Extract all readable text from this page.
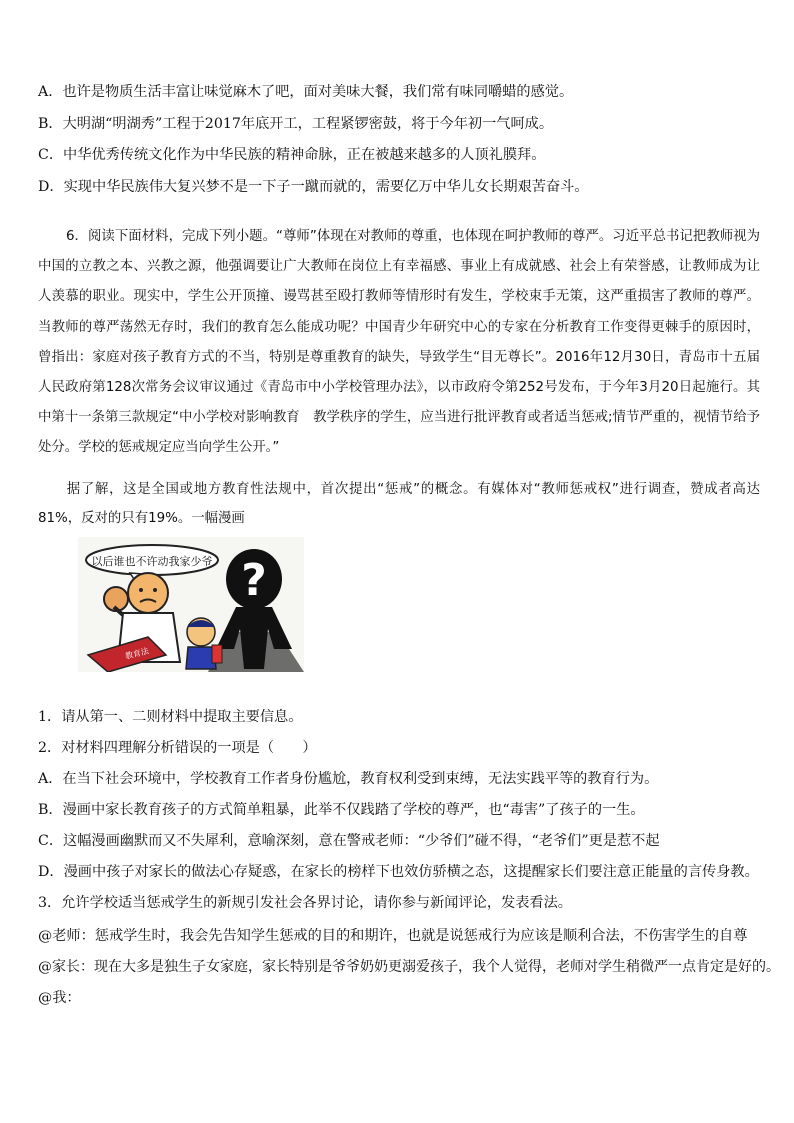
A．也许是物质生活丰富让味觉麻木了吧，面对美味大餐，我们常有味同嚼蜡的感觉。
B．大明湖“明湖秀”工程于2017年底开工，工程紧锣密鼓，将于今年初一气呵成。
C．中华优秀传统文化作为中华民族的精神命脉，正在被越来越多的人顶礼膜拜。
D．实现中华民族伟大复兴梦不是一下子一蹴而就的，需要亿万中华儿女长期艰苦奋斗。
6．阅读下面材料，完成下列小题。“尊师”体现在对教师的尊重，也体现在呵护教师的尊严。习近平总书记把教师视为中国的立教之本、兴教之源，他强调要让广大教师在岗位上有幸福感、事业上有成就感、社会上有荣誉感，让教师成为让人羡慕的职业。现实中，学生公开顶撞、谩骂甚至殴打教师等情形时有发生，学校束手无策，这严重损害了教师的尊严。当教师的尊严荡然无存时，我们的教育怎么能成功呢？中国青少年研究中心的专家在分析教育工作变得更棘手的原因时，曾指出：家庭对孩子教育方式的不当，特别是尊重教育的缺失，导致学生“目无尊长”。2016年12月30日，青岛市十五届人民政府第128次常务会议审议通过《青岛市中小学校管理办法》，以市政府令第252号发布，于今年3月20日起施行。其中第十一条第三款规定“中小学校对影响教育　教学秩序的学生，应当进行批评教育或者适当惩戒;情节严重的，视情节给予处分。学校的惩戒规定应当向学生公开。”
据了解，这是全国或地方教育性法规中，首次提出“惩戒”的概念。有媒体对“教师惩戒权”进行调查，赞成者高达81%，反对的只有19%。一幅漫画
以后谁也不许动我家少爷 ?
教育法
1．请从第一、二则材料中提取主要信息。
2．对材料四理解分析错误的一项是（　　）
A．在当下社会环境中，学校教育工作者身份尴尬，教育权利受到束缚，无法实践平等的教育行为。
B．漫画中家长教育孩子的方式简单粗暴，此举不仅践踏了学校的尊严，也“毒害”了孩子的一生。
C．这幅漫画幽默而又不失犀利，意喻深刻，意在警戒老师：“少爷们”碰不得，“老爷们”更是惹不起
D．漫画中孩子对家长的做法心存疑惑，在家长的榜样下也效仿骄横之态，这提醒家长们要注意正能量的言传身教。
3．允许学校适当惩戒学生的新规引发社会各界讨论，请你参与新闻评论，发表看法。
@老师：惩戒学生时，我会先告知学生惩戒的目的和期许，也就是说惩戒行为应该是顺利合法，不伤害学生的自尊
@家长：现在大多是独生子女家庭，家长特别是爷爷奶奶更溺爱孩子，我个人觉得，老师对学生稍微严一点肯定是好的。
@我：
